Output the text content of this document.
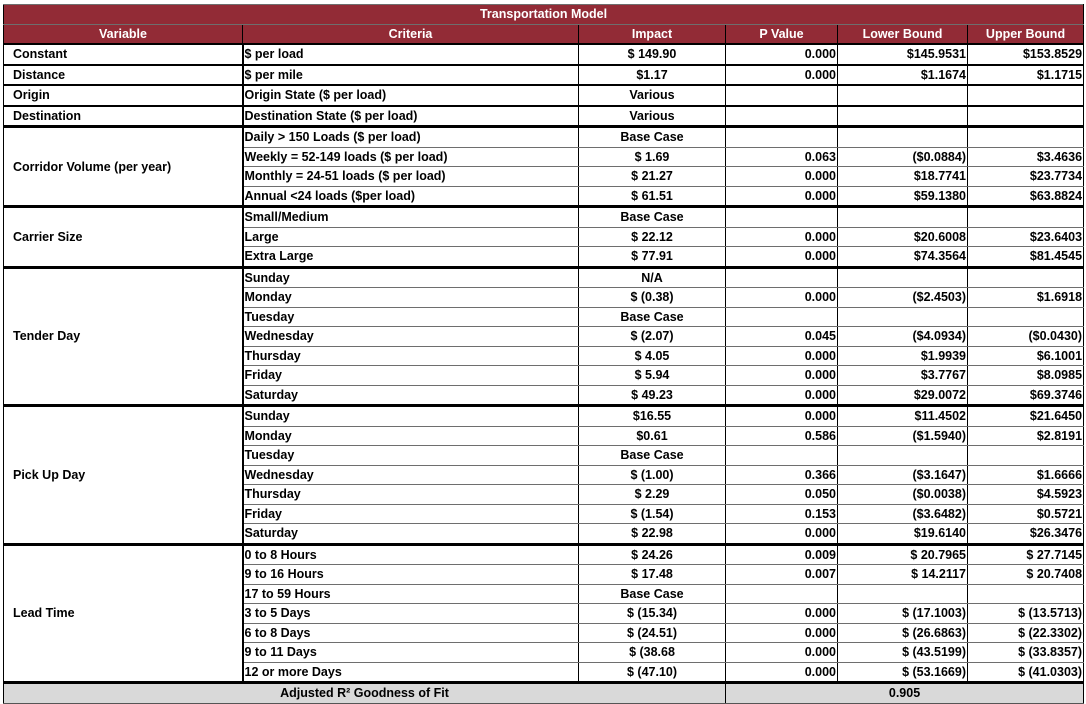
Transportation Model					
Variable	Criteria	Impact	P Value	Lower Bound	Upper Bound
Constant	$ per load	$ 149.90	0.000	$145.9531	$153.8529
Distance	$ per mile	$1.17	0.000	$1.1674	$1.1715
Origin	Origin State ($ per load)	Various			
Destination	Destination State ($ per load)	Various			
Corridor Volume (per year)	Daily > 150 Loads ($ per load)	Base Case			
	Weekly = 52-149 loads ($ per load)	$ 1.69	0.063	($0.0884)	$3.4636
	Monthly = 24-51 loads ($ per load)	$ 21.27	0.000	$18.7741	$23.7734
	Annual <24 loads ($per load)	$ 61.51	0.000	$59.1380	$63.8824
Carrier Size	Small/Medium	Base Case			
	Large	$ 22.12	0.000	$20.6008	$23.6403
	Extra Large	$ 77.91	0.000	$74.3564	$81.4545
Tender Day	Sunday	N/A			
	Monday	$ (0.38)	0.000	($2.4503)	$1.6918
	Tuesday	Base Case			
	Wednesday	$ (2.07)	0.045	($4.0934)	($0.0430)
	Thursday	$ 4.05	0.000	$1.9939	$6.1001
	Friday	$ 5.94	0.000	$3.7767	$8.0985
	Saturday	$ 49.23	0.000	$29.0072	$69.3746
Pick Up Day	Sunday	$16.55	0.000	$11.4502	$21.6450
	Monday	$0.61	0.586	($1.5940)	$2.8191
	Tuesday	Base Case			
	Wednesday	$ (1.00)	0.366	($3.1647)	$1.6666
	Thursday	$ 2.29	0.050	($0.0038)	$4.5923
	Friday	$ (1.54)	0.153	($3.6482)	$0.5721
	Saturday	$ 22.98	0.000	$19.6140	$26.3476
Lead Time	0 to 8 Hours	$ 24.26	0.009	$ 20.7965	$ 27.7145
	9 to 16 Hours	$ 17.48	0.007	$ 14.2117	$ 20.7408
	17 to 59 Hours	Base Case			
	3 to 5 Days	$ (15.34)	0.000	$ (17.1003)	$ (13.5713)
	6 to 8 Days	$ (24.51)	0.000	$ (26.6863)	$ (22.3302)
	9 to 11 Days	$ (38.68	0.000	$ (43.5199)	$ (33.8357)
	12 or more Days	$ (47.10)	0.000	$ (53.1669)	$ (41.0303)
Adjusted R² Goodness of Fit			0.905		
